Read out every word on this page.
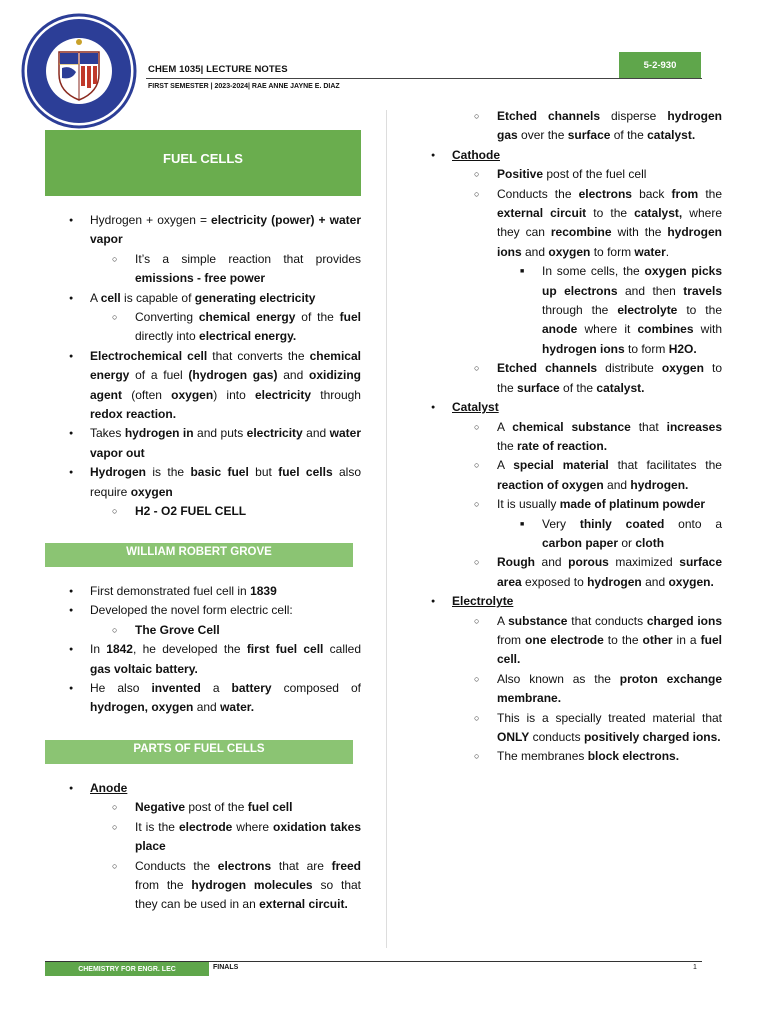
CHEM 1035| LECTURE NOTES
FIRST SEMESTER | 2023-2024| RAE ANNE JAYNE E. DIAZ
5-2-930
FUEL CELLS
● Hydrogen + oxygen = electricity (power) + water vapor
○ It’s a simple reaction that provides emissions - free power
● A cell is capable of generating electricity
○ Converting chemical energy of the fuel directly into electrical energy.
● Electrochemical cell that converts the chemical energy of a fuel (hydrogen gas) and oxidizing agent (often oxygen) into electricity through redox reaction.
● Takes hydrogen in and puts electricity and water vapor out
● Hydrogen is the basic fuel but fuel cells also require oxygen
○ H2 - O2 FUEL CELL
WILLIAM ROBERT GROVE
● First demonstrated fuel cell in 1839
● Developed the novel form electric cell:
○ The Grove Cell
● In 1842, he developed the first fuel cell called gas voltaic battery.
● He also invented a battery composed of hydrogen, oxygen and water.
PARTS OF FUEL CELLS
● Anode
○ Negative post of the fuel cell
○ It is the electrode where oxidation takes place
○ Conducts the electrons that are freed from the hydrogen molecules so that they can be used in an external circuit.
○ Etched channels disperse hydrogen gas over the surface of the catalyst.
● Cathode
○ Positive post of the fuel cell
○ Conducts the electrons back from the external circuit to the catalyst, where they can recombine with the hydrogen ions and oxygen to form water.
■ In some cells, the oxygen picks up electrons and then travels through the electrolyte to the anode where it combines with hydrogen ions to form H2O.
○ Etched channels distribute oxygen to the surface of the catalyst.
● Catalyst
○ A chemical substance that increases the rate of reaction.
○ A special material that facilitates the reaction of oxygen and hydrogen.
○ It is usually made of platinum powder
■ Very thinly coated onto a carbon paper or cloth
○ Rough and porous maximized surface area exposed to hydrogen and oxygen.
● Electrolyte
○ A substance that conducts charged ions from one electrode to the other in a fuel cell.
○ Also known as the proton exchange membrane.
○ This is a specially treated material that ONLY conducts positively charged ions.
○ The membranes block electrons.
CHEMISTRY FOR ENGR. LEC	FINALS	1
